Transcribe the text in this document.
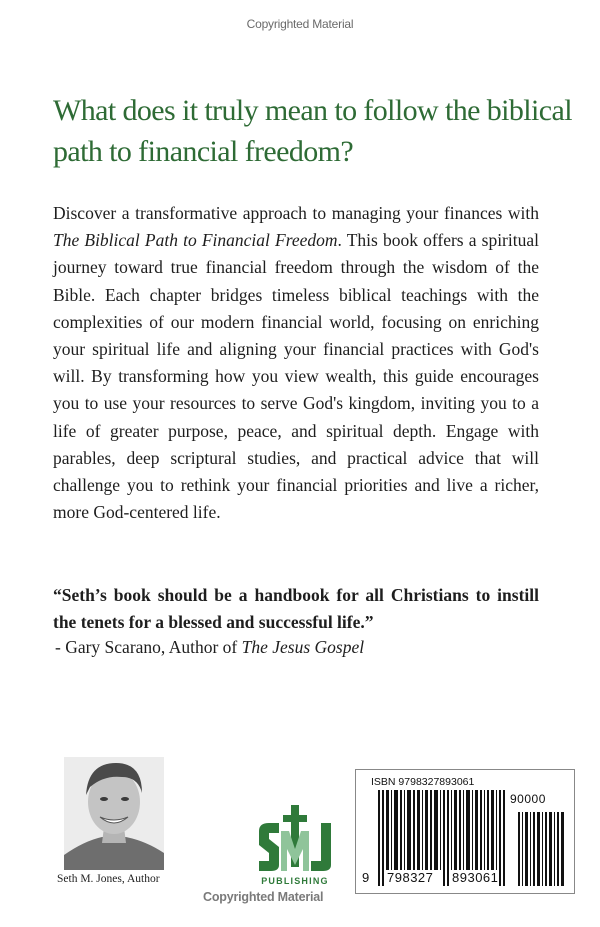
Copyrighted Material
What does it truly mean to follow the biblical path to financial freedom?

Discover a transformative approach to managing your finances with The Biblical Path to Financial Freedom. This book offers a spiritual journey toward true financial freedom through the wisdom of the Bible. Each chapter bridges timeless biblical teachings with the complexities of our modern financial world, focusing on enriching your spiritual life and aligning your financial practices with God's will. By transforming how you view wealth, this guide encourages you to use your resources to serve God's kingdom, inviting you to a life of greater purpose, peace, and spiritual depth. Engage with parables, deep scriptural studies, and practical advice that will challenge you to rethink your financial priorities and live a richer, more God-centered life.

“Seth’s book should be a handbook for all Christians to instill the tenets for a blessed and successful life.”

- Gary Scarano, Author of The Jesus Gospel
Seth M. Jones, Author	PUBLISHING
Copyrighted Material
ISBN 9798327893061
90000
9 798327 893061
